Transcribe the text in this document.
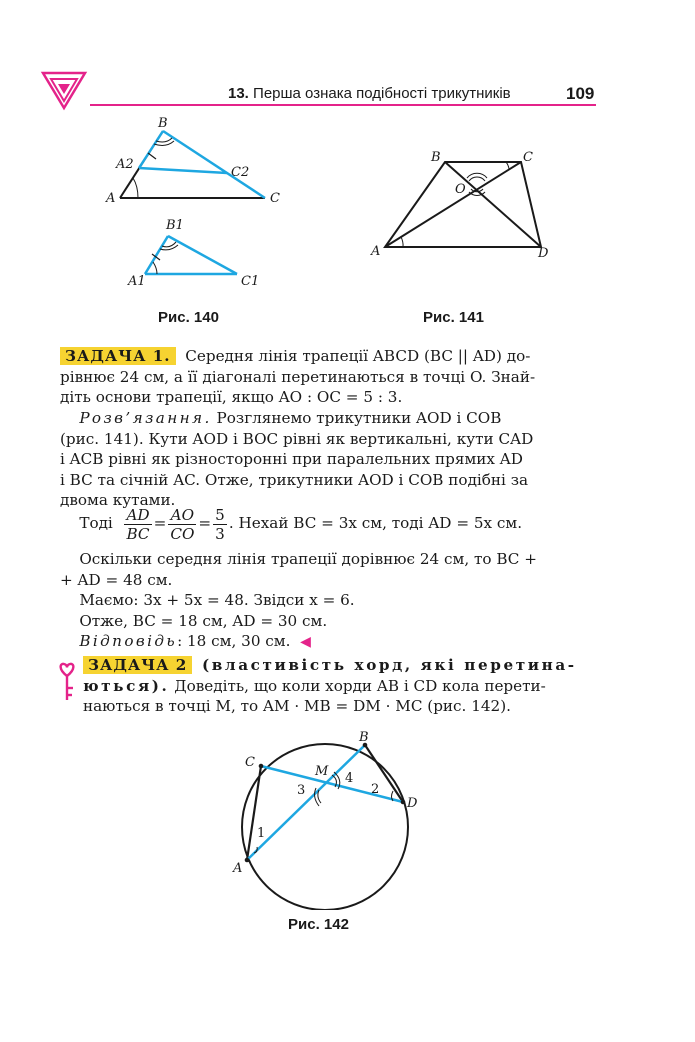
13. Перша ознака подібності трикутників	109
B
A	C
A2
C2
B1
A1	C1
Рис. 140
B	C
O
A	D
Рис. 141
ЗАДАЧА 1. Середня лінія трапеції ABCD (BC || AD) до-
рівнює 24 см, а її діагоналі перетинаються в точці O. Знай-
діть основи трапеції, якщо AO : OC = 5 : 3.
Розв’язання. Розглянемо трикутники AOD і COB
(рис. 141). Кути AOD і BOC рівні як вертикальні, кути CAD
і ACB рівні як різносторонні при паралельних прямих AD
і BC та січній AC. Отже, трикутники AOD і COB подібні за
двома кутами.
Тоді $\frac{AD}{BC} = \frac{AO}{CO} = \frac{5}{3}$ . Нехай BC = 3x см, тоді AD = 5x см.
Оскільки середня лінія трапеції дорівнює 24 см, то BC +
+ AD = 48 см.
Маємо: 3x + 5x = 48. Звідси x = 6.
Отже, BC = 18 см, AD = 30 см.
Відповідь: 18 см, 30 см. ◀
ЗАДАЧА 2 (властивість хорд, які перетина-
ються). Доведіть, що коли хорди AB і CD кола перети-
наються в точці M, то AM · MB = DM · MC (рис. 142).
C
B
M
D
A
1
2
3
4
Рис. 142
